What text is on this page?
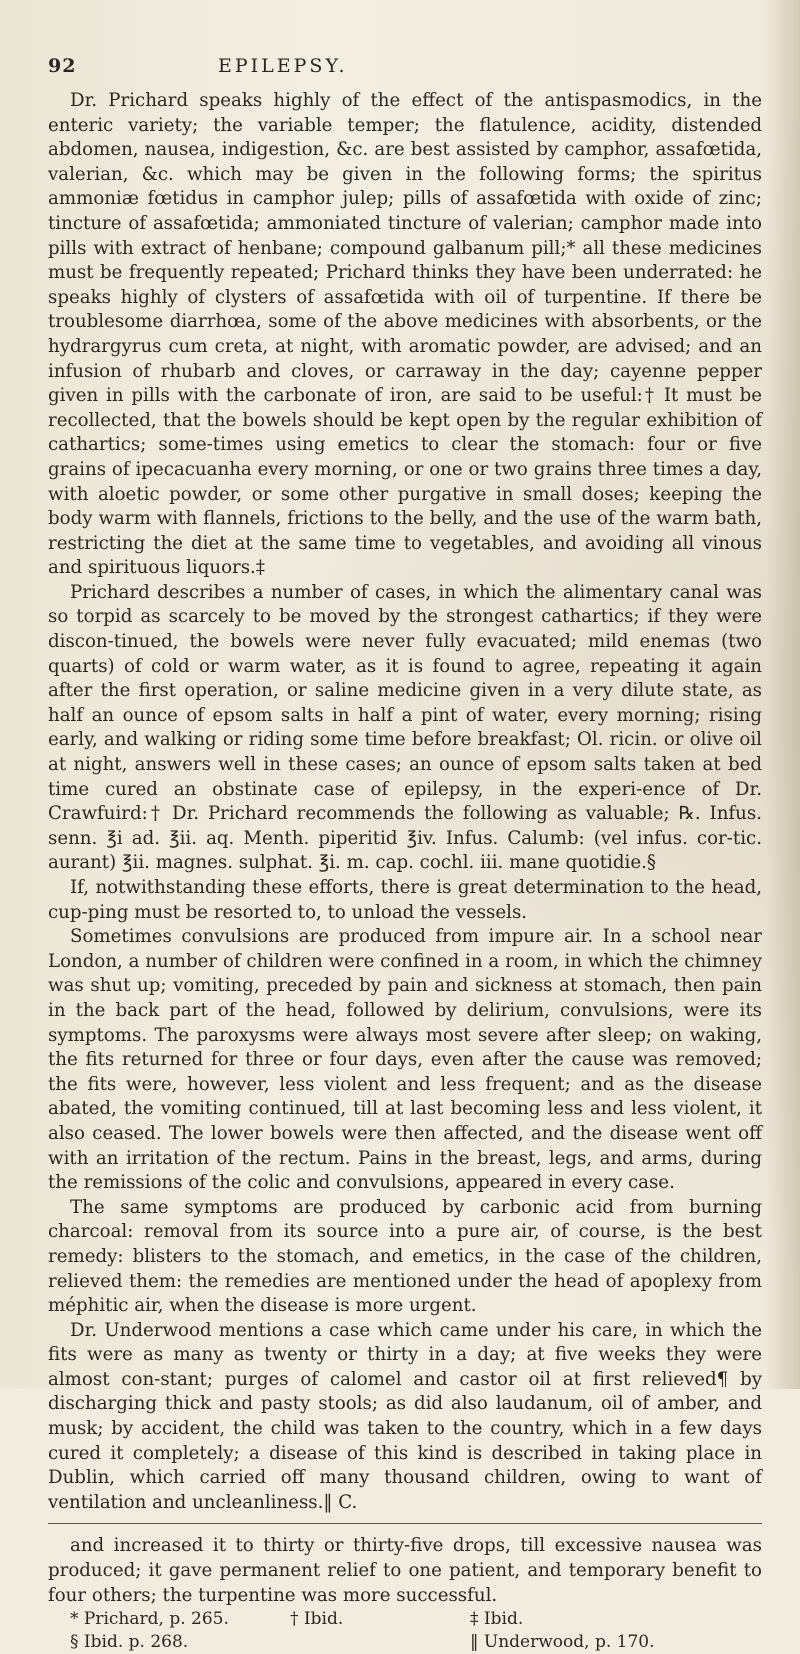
92	EPILEPSY.

Dr. Prichard speaks highly of the effect of the antispasmodics, in the enteric variety; the variable temper; the flatulence, acidity, distended abdomen, nausea, indigestion, &c. are best assisted by camphor, assafœtida, valerian, &c. which may be given in the following forms; the spiritus ammoniæ fœtidus in camphor julep; pills of assafœtida with oxide of zinc; tincture of assafœtida; ammoniated tincture of valerian; camphor made into pills with extract of henbane; compound galbanum pill;* all these medicines must be frequently repeated; Prichard thinks they have been underrated: he speaks highly of clysters of assafœtida with oil of turpentine. If there be troublesome diarrhœa, some of the above medicines with absorbents, or the hydrargyrus cum creta, at night, with aromatic powder, are advised; and an infusion of rhubarb and cloves, or carraway in the day; cayenne pepper given in pills with the carbonate of iron, are said to be useful:† It must be recollected, that the bowels should be kept open by the regular exhibition of cathartics; some-times using emetics to clear the stomach: four or five grains of ipecacuanha every morning, or one or two grains three times a day, with aloetic powder, or some other purgative in small doses; keeping the body warm with flannels, frictions to the belly, and the use of the warm bath, restricting the diet at the same time to vegetables, and avoiding all vinous and spirituous liquors.‡

Prichard describes a number of cases, in which the alimentary canal was so torpid as scarcely to be moved by the strongest cathartics; if they were discon-tinued, the bowels were never fully evacuated; mild enemas (two quarts) of cold or warm water, as it is found to agree, repeating it again after the first operation, or saline medicine given in a very dilute state, as half an ounce of epsom salts in half a pint of water, every morning; rising early, and walking or riding some time before breakfast; Ol. ricin. or olive oil at night, answers well in these cases; an ounce of epsom salts taken at bed time cured an obstinate case of epilepsy, in the experi-ence of Dr. Crawfuird:† Dr. Prichard recommends the following as valuable; ℞. Infus. senn. ℥i ad. ℥ii. aq. Menth. piperitid ℥iv. Infus. Calumb: (vel infus. cor-tic. aurant) ℥ii. magnes. sulphat. ℥i. m. cap. cochl. iii. mane quotidie.§

If, notwithstanding these efforts, there is great determination to the head, cup-ping must be resorted to, to unload the vessels.

Sometimes convulsions are produced from impure air. In a school near London, a number of children were confined in a room, in which the chimney was shut up; vomiting, preceded by pain and sickness at stomach, then pain in the back part of the head, followed by delirium, convulsions, were its symptoms. The paroxysms were always most severe after sleep; on waking, the fits returned for three or four days, even after the cause was removed; the fits were, however, less violent and less frequent; and as the disease abated, the vomiting continued, till at last becoming less and less violent, it also ceased. The lower bowels were then affected, and the disease went off with an irritation of the rectum. Pains in the breast, legs, and arms, during the remissions of the colic and convulsions, appeared in every case.

The same symptoms are produced by carbonic acid from burning charcoal: removal from its source into a pure air, of course, is the best remedy: blisters to the stomach, and emetics, in the case of the children, relieved them: the remedies are mentioned under the head of apoplexy from méphitic air, when the disease is more urgent.

Dr. Underwood mentions a case which came under his care, in which the fits were as many as twenty or thirty in a day; at five weeks they were almost con-stant; purges of calomel and castor oil at first relieved¶ by discharging thick and pasty stools; as did also laudanum, oil of amber, and musk; by accident, the child was taken to the country, which in a few days cured it completely; a disease of this kind is described in taking place in Dublin, which carried off many thousand children, owing to want of ventilation and uncleanliness.‖ C.

and increased it to thirty or thirty-five drops, till excessive nausea was produced; it gave permanent relief to one patient, and temporary benefit to four others; the turpentine was more successful.

* Prichard, p. 265.	† Ibid.	‡ Ibid.
§ Ibid. p. 268.	‖ Underwood, p. 170.
